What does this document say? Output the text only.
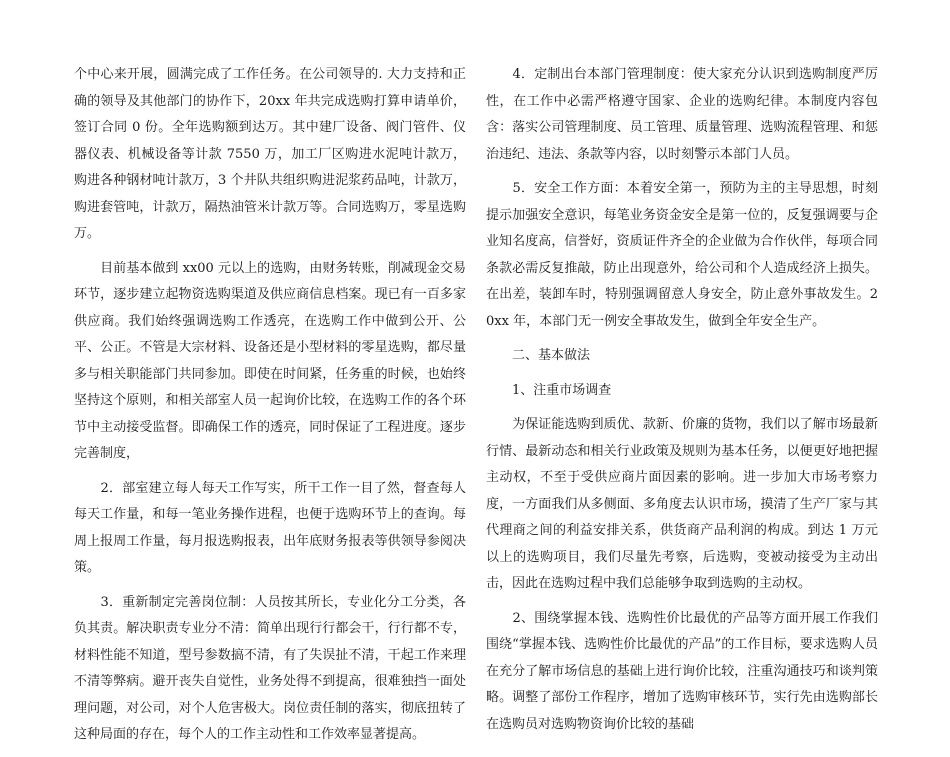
个中心来开展，圆满完成了工作任务。在公司领导的. 大力支持和正确的领导及其他部门的协作下，20xx 年共完成选购打算申请单价，签订合同 0 份。全年选购额到达万。其中建厂设备、阀门管件、仪器仪表、机械设备等计款 7550 万，加工厂区购进水泥吨计款万，购进各种钢材吨计款万，3 个井队共组织购进泥浆药品吨，计款万，购进套管吨，计款万，隔热油管米计款万等。合同选购万，零星选购万。

　　目前基本做到 xx00 元以上的选购，由财务转账，削减现金交易环节，逐步建立起物资选购渠道及供应商信息档案。现已有一百多家供应商。我们始终强调选购工作透亮，在选购工作中做到公开、公平、公正。不管是大宗材料、设备还是小型材料的零星选购，都尽量多与相关职能部门共同参加。即使在时间紧，任务重的时候，也始终坚持这个原则，和相关部室人员一起询价比较，在选购工作的各个环节中主动接受监督。即确保工作的透亮，同时保证了工程进度。逐步完善制度，

　　2．部室建立每人每天工作写实，所干工作一目了然，督查每人每天工作量，和每一笔业务操作进程，也便于选购环节上的查询。每周上报周工作量，每月报选购报表，出年底财务报表等供领导参阅决策。

　　3．重新制定完善岗位制：人员按其所长，专业化分工分类，各负其责。解决职责专业分不清：简单出现行行都会干，行行都不专，材料性能不知道，型号参数搞不清，有了失误扯不清，干起工作来理不清等弊病。避开丧失自觉性，业务处得不到提高，很难独挡一面处理问题，对公司，对个人危害极大。岗位责任制的落实，彻底扭转了这种局面的存在，每个人的工作主动性和工作效率显著提高。

　　4．定制出台本部门管理制度：使大家充分认识到选购制度严厉 性，在工作中必需严格遵守国家、企业的选购纪律。本制度内容包含：落实公司管理制度、员工管理、质量管理、选购流程管理、和惩治违纪、违法、条款等内容，以时刻警示本部门人员。

　　5．安全工作方面：本着安全第一，预防为主的主导思想，时刻提示加强安全意识，每笔业务资金安全是第一位的，反复强调要与企业知名度高，信誉好，资质证件齐全的企业做为合作伙伴，每项合同条款必需反复推敲，防止出现意外，给公司和个人造成经济上损失。在出差，装卸车时，特别强调留意人身安全，防止意外事故发生。20xx 年，本部门无一例安全事故发生，做到全年安全生产。

　　二、基本做法

　　1、注重市场调查

　　为保证能选购到质优、款新、价廉的货物，我们以了解市场最新行情、最新动态和相关行业政策及规则为基本任务，以便更好地把握主动权，不至于受供应商片面因素的影响。进一步加大市场考察力度，一方面我们从多侧面、多角度去认识市场，摸清了生产厂家与其代理商之间的利益安排关系，供货商产品利润的构成。到达 1 万元以上的选购项目，我们尽量先考察，后选购，变被动接受为主动出击，因此在选购过程中我们总能够争取到选购的主动权。

　　2、围绕掌握本钱、选购性价比最优的产品等方面开展工作我们围绕“掌握本钱、选购性价比最优的产品”的工作目标，要求选购人员在充分了解市场信息的基础上进行询价比较，注重沟通技巧和谈判策略。调整了部份工作程序，增加了选购审核环节，实行先由选购部长在选购员对选购物资询价比较的基础
